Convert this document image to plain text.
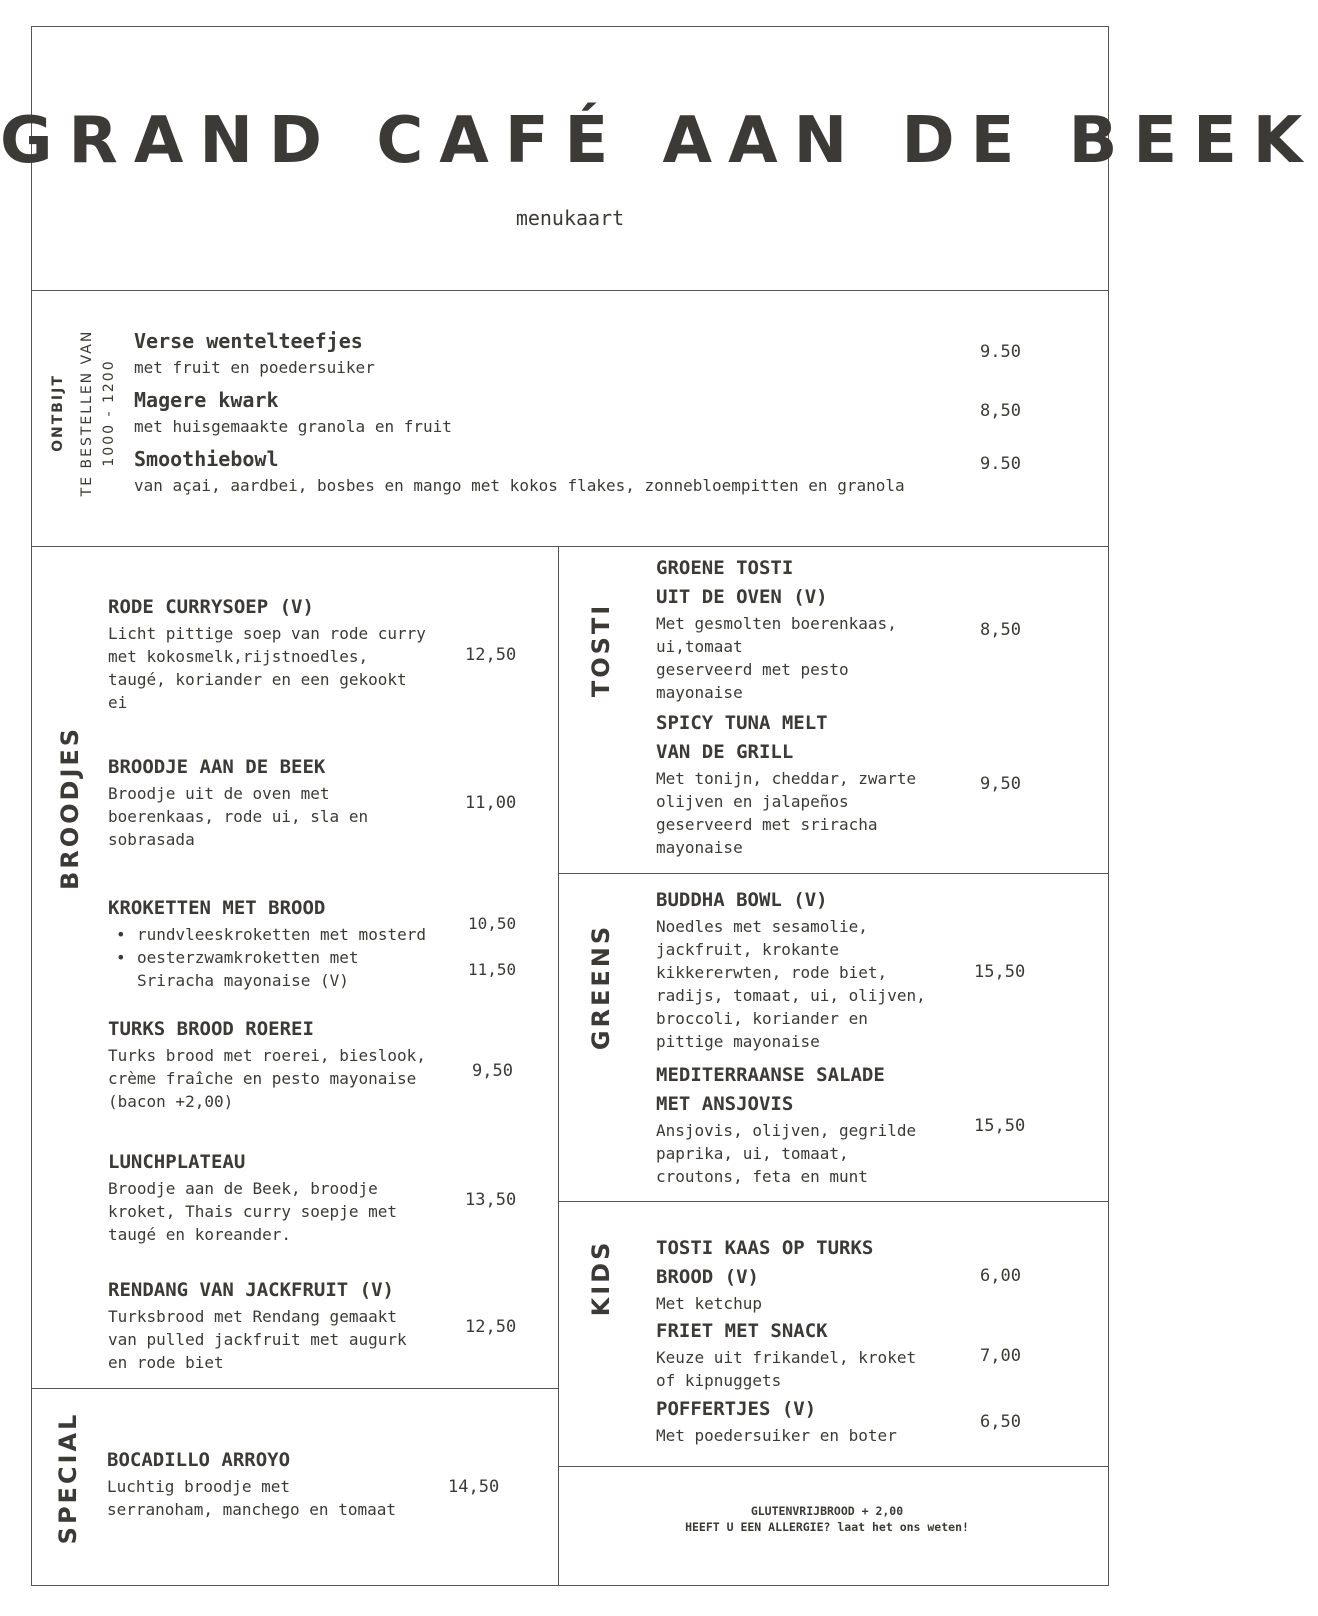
GRAND CAFÉ AAN DE BEEK
menukaart
ONTBIJT TE BESTELLEN VAN 1000 - 1200
Verse wentelteefjes
met fruit en poedersuiker
9.50
Magere kwark
met huisgemaakte granola en fruit
8,50
Smoothiebowl
van açai, aardbei, bosbes en mango met kokos flakes, zonnebloempitten en granola
9.50
BROODJES
RODE CURRYSOEP (V)
Licht pittige soep van rode curry
met kokosmelk,rijstnoedles,
taugé, koriander en een gekookt
ei
12,50
BROODJE AAN DE BEEK
Broodje uit de oven met
boerenkaas, rode ui, sla en
sobrasada
11,00
KROKETTEN MET BROOD
• rundvleeskroketten met mosterd
• oesterzwamkroketten met
Sriracha mayonaise (V)
10,50
11,50
TURKS BROOD ROEREI
Turks brood met roerei, bieslook,
crème fraîche en pesto mayonaise
(bacon +2,00)
9,50
LUNCHPLATEAU
Broodje aan de Beek, broodje
kroket, Thais curry soepje met
taugé en koreander.
13,50
RENDANG VAN JACKFRUIT (V)
Turksbrood met Rendang gemaakt
van pulled jackfruit met augurk
en rode biet
12,50
SPECIAL BOCADILLO ARROYO
Luchtig broodje met
serranoham, manchego en tomaat
14,50
TOSTI
GROENE TOSTI
UIT DE OVEN (V)
Met gesmolten boerenkaas,
ui,tomaat
geserveerd met pesto
mayonaise
8,50
SPICY TUNA MELT
VAN DE GRILL
Met tonijn, cheddar, zwarte
olijven en jalapeños
geserveerd met sriracha
mayonaise
9,50
GREENS
BUDDHA BOWL (V)
Noedles met sesamolie,
jackfruit, krokante
kikkererwten, rode biet,
radijs, tomaat, ui, olijven,
broccoli, koriander en
pittige mayonaise
15,50
MEDITERRAANSE SALADE
MET ANSJOVIS
Ansjovis, olijven, gegrilde
paprika, ui, tomaat,
croutons, feta en munt
15,50
KIDS TOSTI KAAS OP TURKS
BROOD (V)
Met ketchup
6,00
FRIET MET SNACK
Keuze uit frikandel, kroket
of kipnuggets
7,00
POFFERTJES (V)
Met poedersuiker en boter
6,50
GLUTENVRIJBROOD + 2,00
HEEFT U EEN ALLERGIE? laat het ons weten!
